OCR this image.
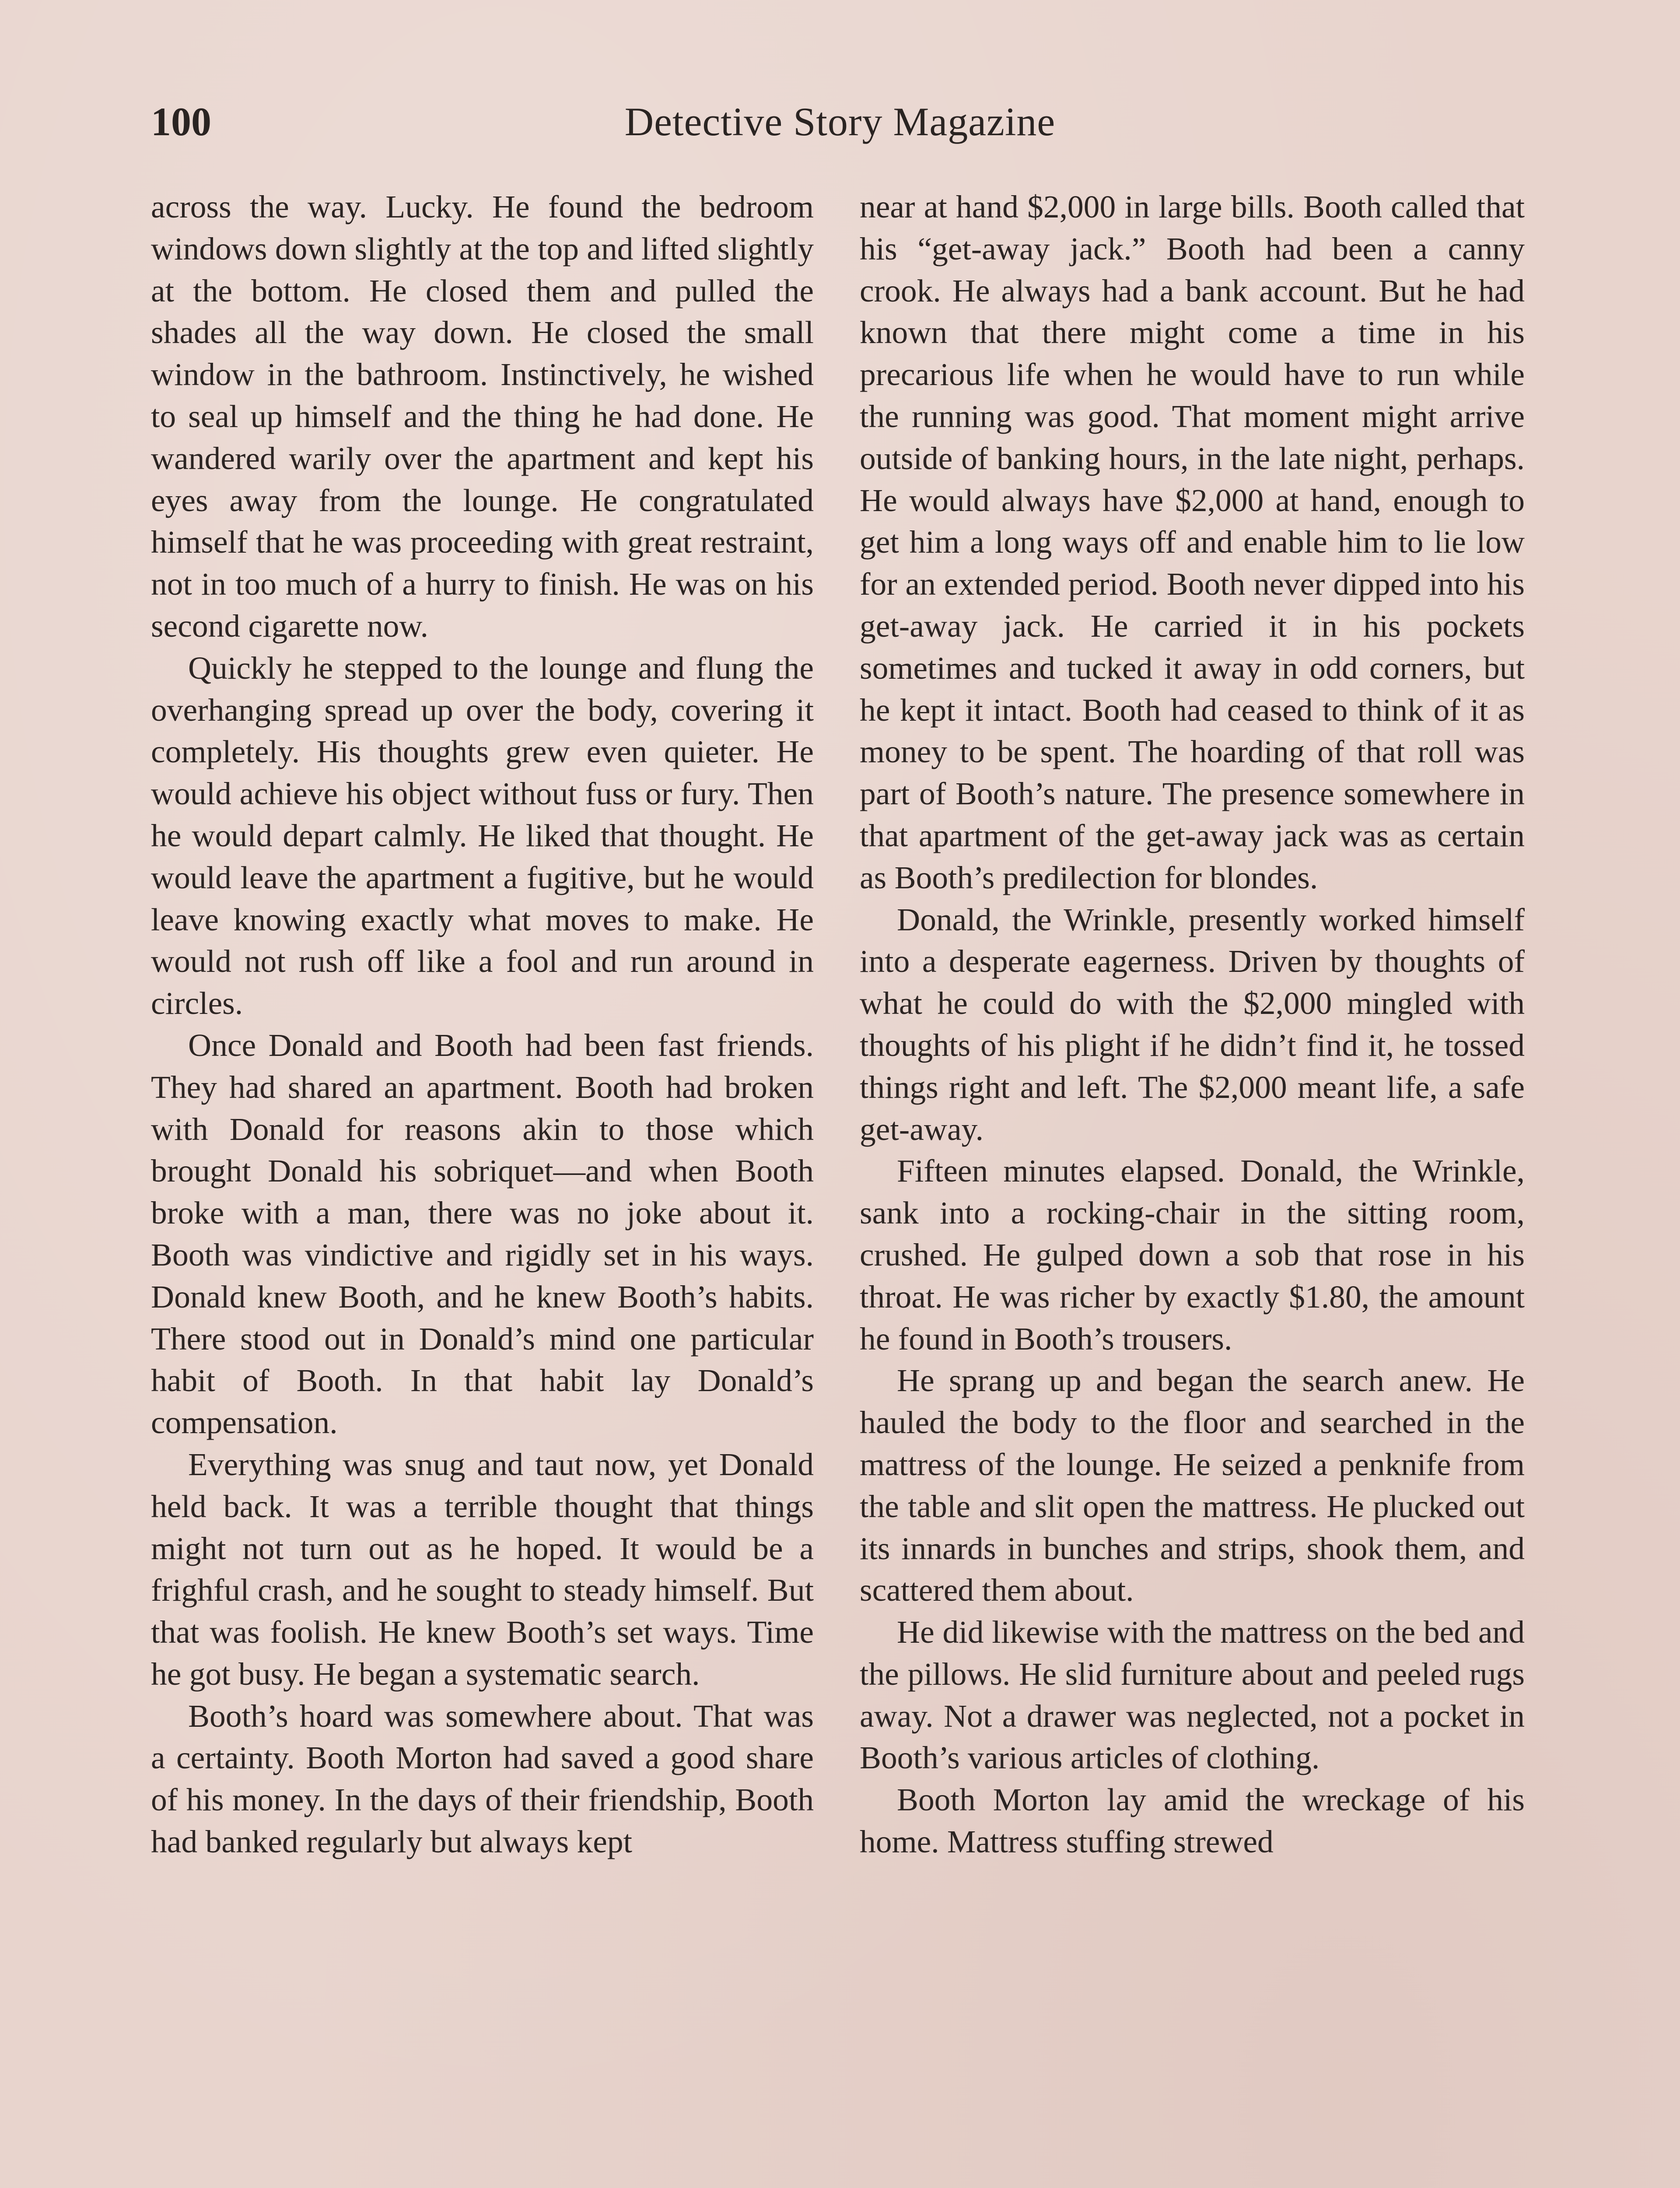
100	Detective Story Magazine

across the way. Lucky. He found the bedroom windows down slightly at the top and lifted slightly at the bottom. He closed them and pulled the shades all the way down. He closed the small window in the bathroom. Instinctively, he wished to seal up himself and the thing he had done. He wandered warily over the apartment and kept his eyes away from the lounge. He congratulated himself that he was proceeding with great restraint, not in too much of a hurry to finish. He was on his second cigarette now.

Quickly he stepped to the lounge and flung the overhanging spread up over the body, covering it completely. His thoughts grew even quieter. He would achieve his object without fuss or fury. Then he would depart calmly. He liked that thought. He would leave the apartment a fugitive, but he would leave knowing exactly what moves to make. He would not rush off like a fool and run around in circles.

Once Donald and Booth had been fast friends. They had shared an apartment. Booth had broken with Donald for reasons akin to those which brought Donald his sobriquet—and when Booth broke with a man, there was no joke about it. Booth was vindictive and rigidly set in his ways. Donald knew Booth, and he knew Booth’s habits. There stood out in Donald’s mind one particular habit of Booth. In that habit lay Donald’s compensation.

Everything was snug and taut now, yet Donald held back. It was a terrible thought that things might not turn out as he hoped. It would be a frighful crash, and he sought to steady himself. But that was foolish. He knew Booth’s set ways. Time he got busy. He began a systematic search.

Booth’s hoard was somewhere about. That was a certainty. Booth Morton had saved a good share of his money. In the days of their friendship, Booth had banked regularly but always kept

near at hand $2,000 in large bills. Booth called that his “get-away jack.” Booth had been a canny crook. He always had a bank account. But he had known that there might come a time in his precarious life when he would have to run while the running was good. That moment might arrive outside of banking hours, in the late night, perhaps. He would always have $2,000 at hand, enough to get him a long ways off and enable him to lie low for an extended period. Booth never dipped into his get-away jack. He carried it in his pockets sometimes and tucked it away in odd corners, but he kept it intact. Booth had ceased to think of it as money to be spent. The hoarding of that roll was part of Booth’s nature. The presence somewhere in that apartment of the get-away jack was as certain as Booth’s predilection for blondes.

Donald, the Wrinkle, presently worked himself into a desperate eagerness. Driven by thoughts of what he could do with the $2,000 mingled with thoughts of his plight if he didn’t find it, he tossed things right and left. The $2,000 meant life, a safe get-away.

Fifteen minutes elapsed. Donald, the Wrinkle, sank into a rocking-chair in the sitting room, crushed. He gulped down a sob that rose in his throat. He was richer by exactly $1.80, the amount he found in Booth’s trousers.

He sprang up and began the search anew. He hauled the body to the floor and searched in the mattress of the lounge. He seized a penknife from the table and slit open the mattress. He plucked out its innards in bunches and strips, shook them, and scattered them about.

He did likewise with the mattress on the bed and the pillows. He slid furniture about and peeled rugs away. Not a drawer was neglected, not a pocket in Booth’s various articles of clothing.

Booth Morton lay amid the wreckage of his home. Mattress stuffing strewed
